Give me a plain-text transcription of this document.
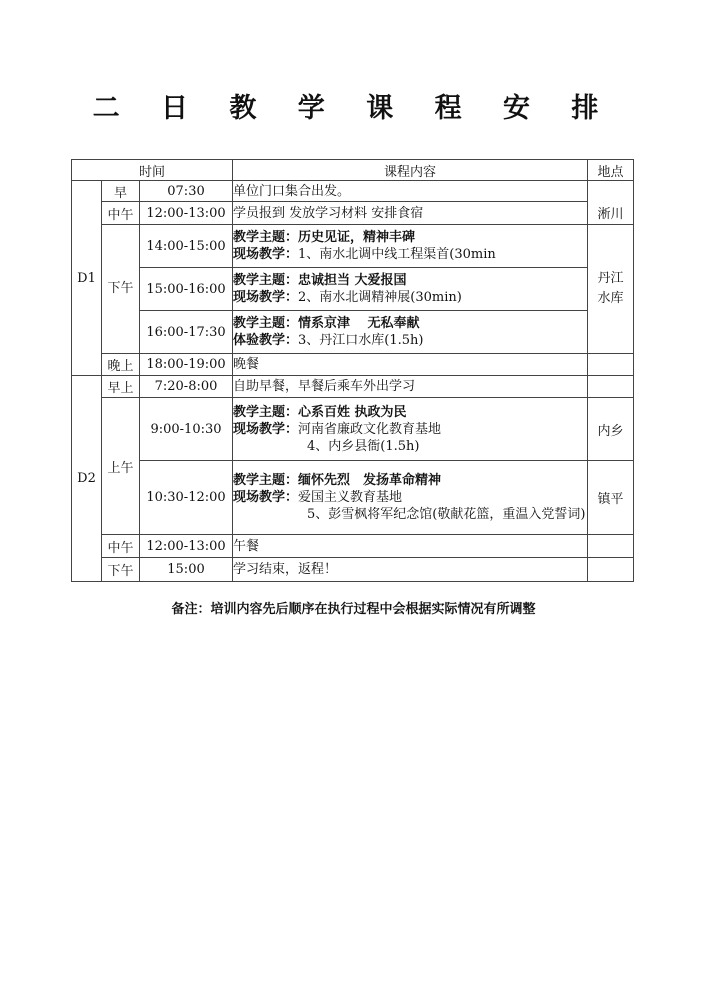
二 日 教 学 课 程 安 排
时间			课程内容	地点
D1	早	07:30	单位门口集合出发。	淅川
	中午	12:00-13:00	学员报到 发放学习材料 安排食宿	

	下午	14:00-15:00	教学主题：历史见证，精神丰碑
现场教学：1、南水北调中线工程渠首(30min	丹江水库
		15:00-16:00	教学主题：忠诚担当 大爱报国
现场教学：2、南水北调精神展(30min)	

		16:00-17:30	教学主题：情系京津　 无私奉献
体验教学：3、丹江口水库(1.5h)	

	晚上	18:00-19:00	晚餐	
D2	早上	7:20-8:00	自助早餐，早餐后乘车外出学习	
	上午	9:00-10:30	教学主题：心系百姓 执政为民
现场教学：河南省廉政文化教育基地
4、内乡县衙(1.5h)	内乡
		10:30-12:00	教学主题：缅怀先烈　发扬革命精神
现场教学：爱国主义教育基地
5、彭雪枫将军纪念馆(敬献花篮，重温入党誓词)	镇平
	中午	12:00-13:00	午餐	
	下午	15:00	学习结束，返程！	
备注：培训内容先后顺序在执行过程中会根据实际情况有所调整
